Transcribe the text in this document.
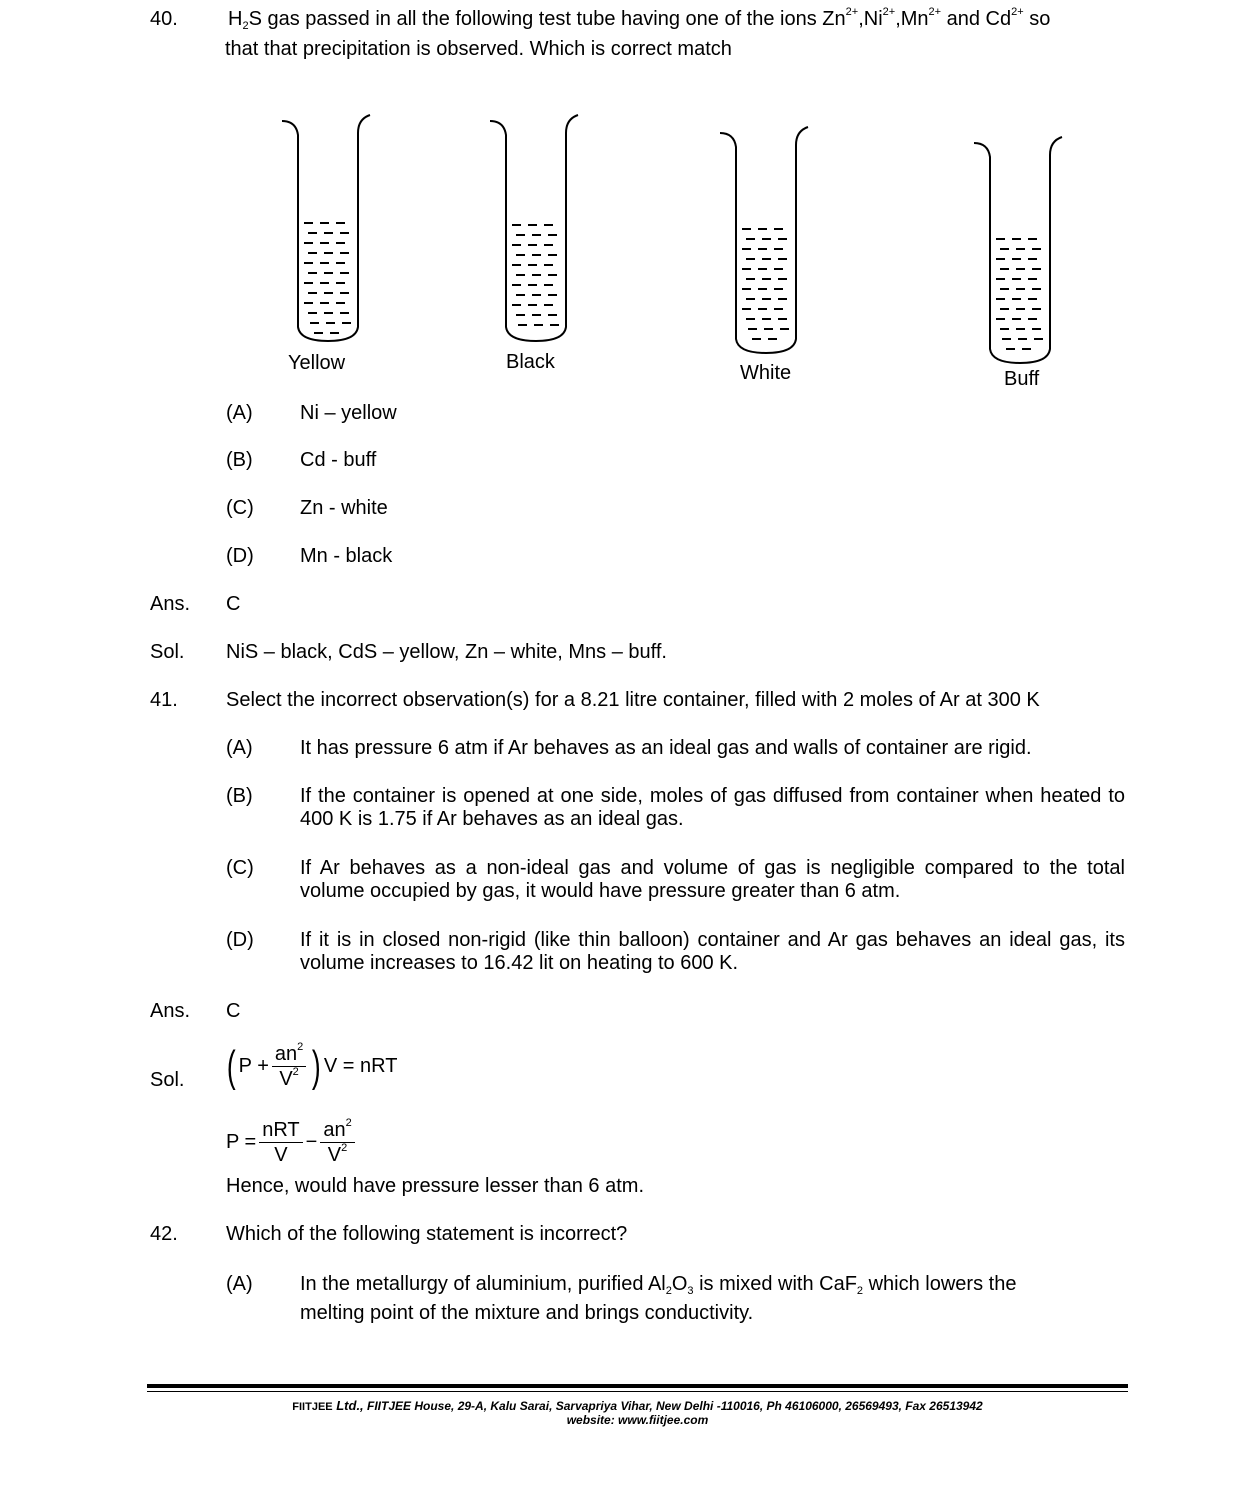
40.	$H_2S$ gas passed in all the following test tube having one of the ions $Zn^{2+},Ni^{2+},Mn^{2+}$ and $Cd^{2+}$ so
that that precipitation is observed. Which is correct match
Yellow	Black	White	Buff
(A) Ni – yellow
(B) Cd - buff
(C) Zn - white
(D) Mn - black
Ans. C
Sol. NiS – black, CdS – yellow, Zn – white, Mns – buff.
41. Select the incorrect observation(s) for a 8.21 litre container, filled with 2 moles of Ar at 300 K
(A) It has pressure 6 atm if Ar behaves as an ideal gas and walls of container are rigid.
(B) If the container is opened at one side, moles of gas diffused from container when heated to 400 K is 1.75 if Ar behaves as an ideal gas.
(C) If Ar behaves as a non-ideal gas and volume of gas is negligible compared to the total volume occupied by gas, it would have pressure greater than 6 atm.
(D) If it is in closed non-rigid (like thin balloon) container and Ar gas behaves an ideal gas, its volume increases to 16.42 lit on heating to 600 K.
Ans. C
Sol. ( $P + \frac{an^2}{V^2}$ ) V = nRT
$P = \frac{\text{nRT}}{V} - \frac{an^2}{V^2}$
Hence, would have pressure lesser than 6 atm.
42. Which of the following statement is incorrect?
(A) In the metallurgy of aluminium, purified $Al_2O_3$ is mixed with CaF$_2$ which lowers the
melting point of the mixture and brings conductivity.
FIITJEE Ltd., FIITJEE House, 29-A, Kalu Sarai, Sarvapriya Vihar, New Delhi -110016, Ph 46106000, 26569493, Fax 26513942
website: www.fiitjee.com
